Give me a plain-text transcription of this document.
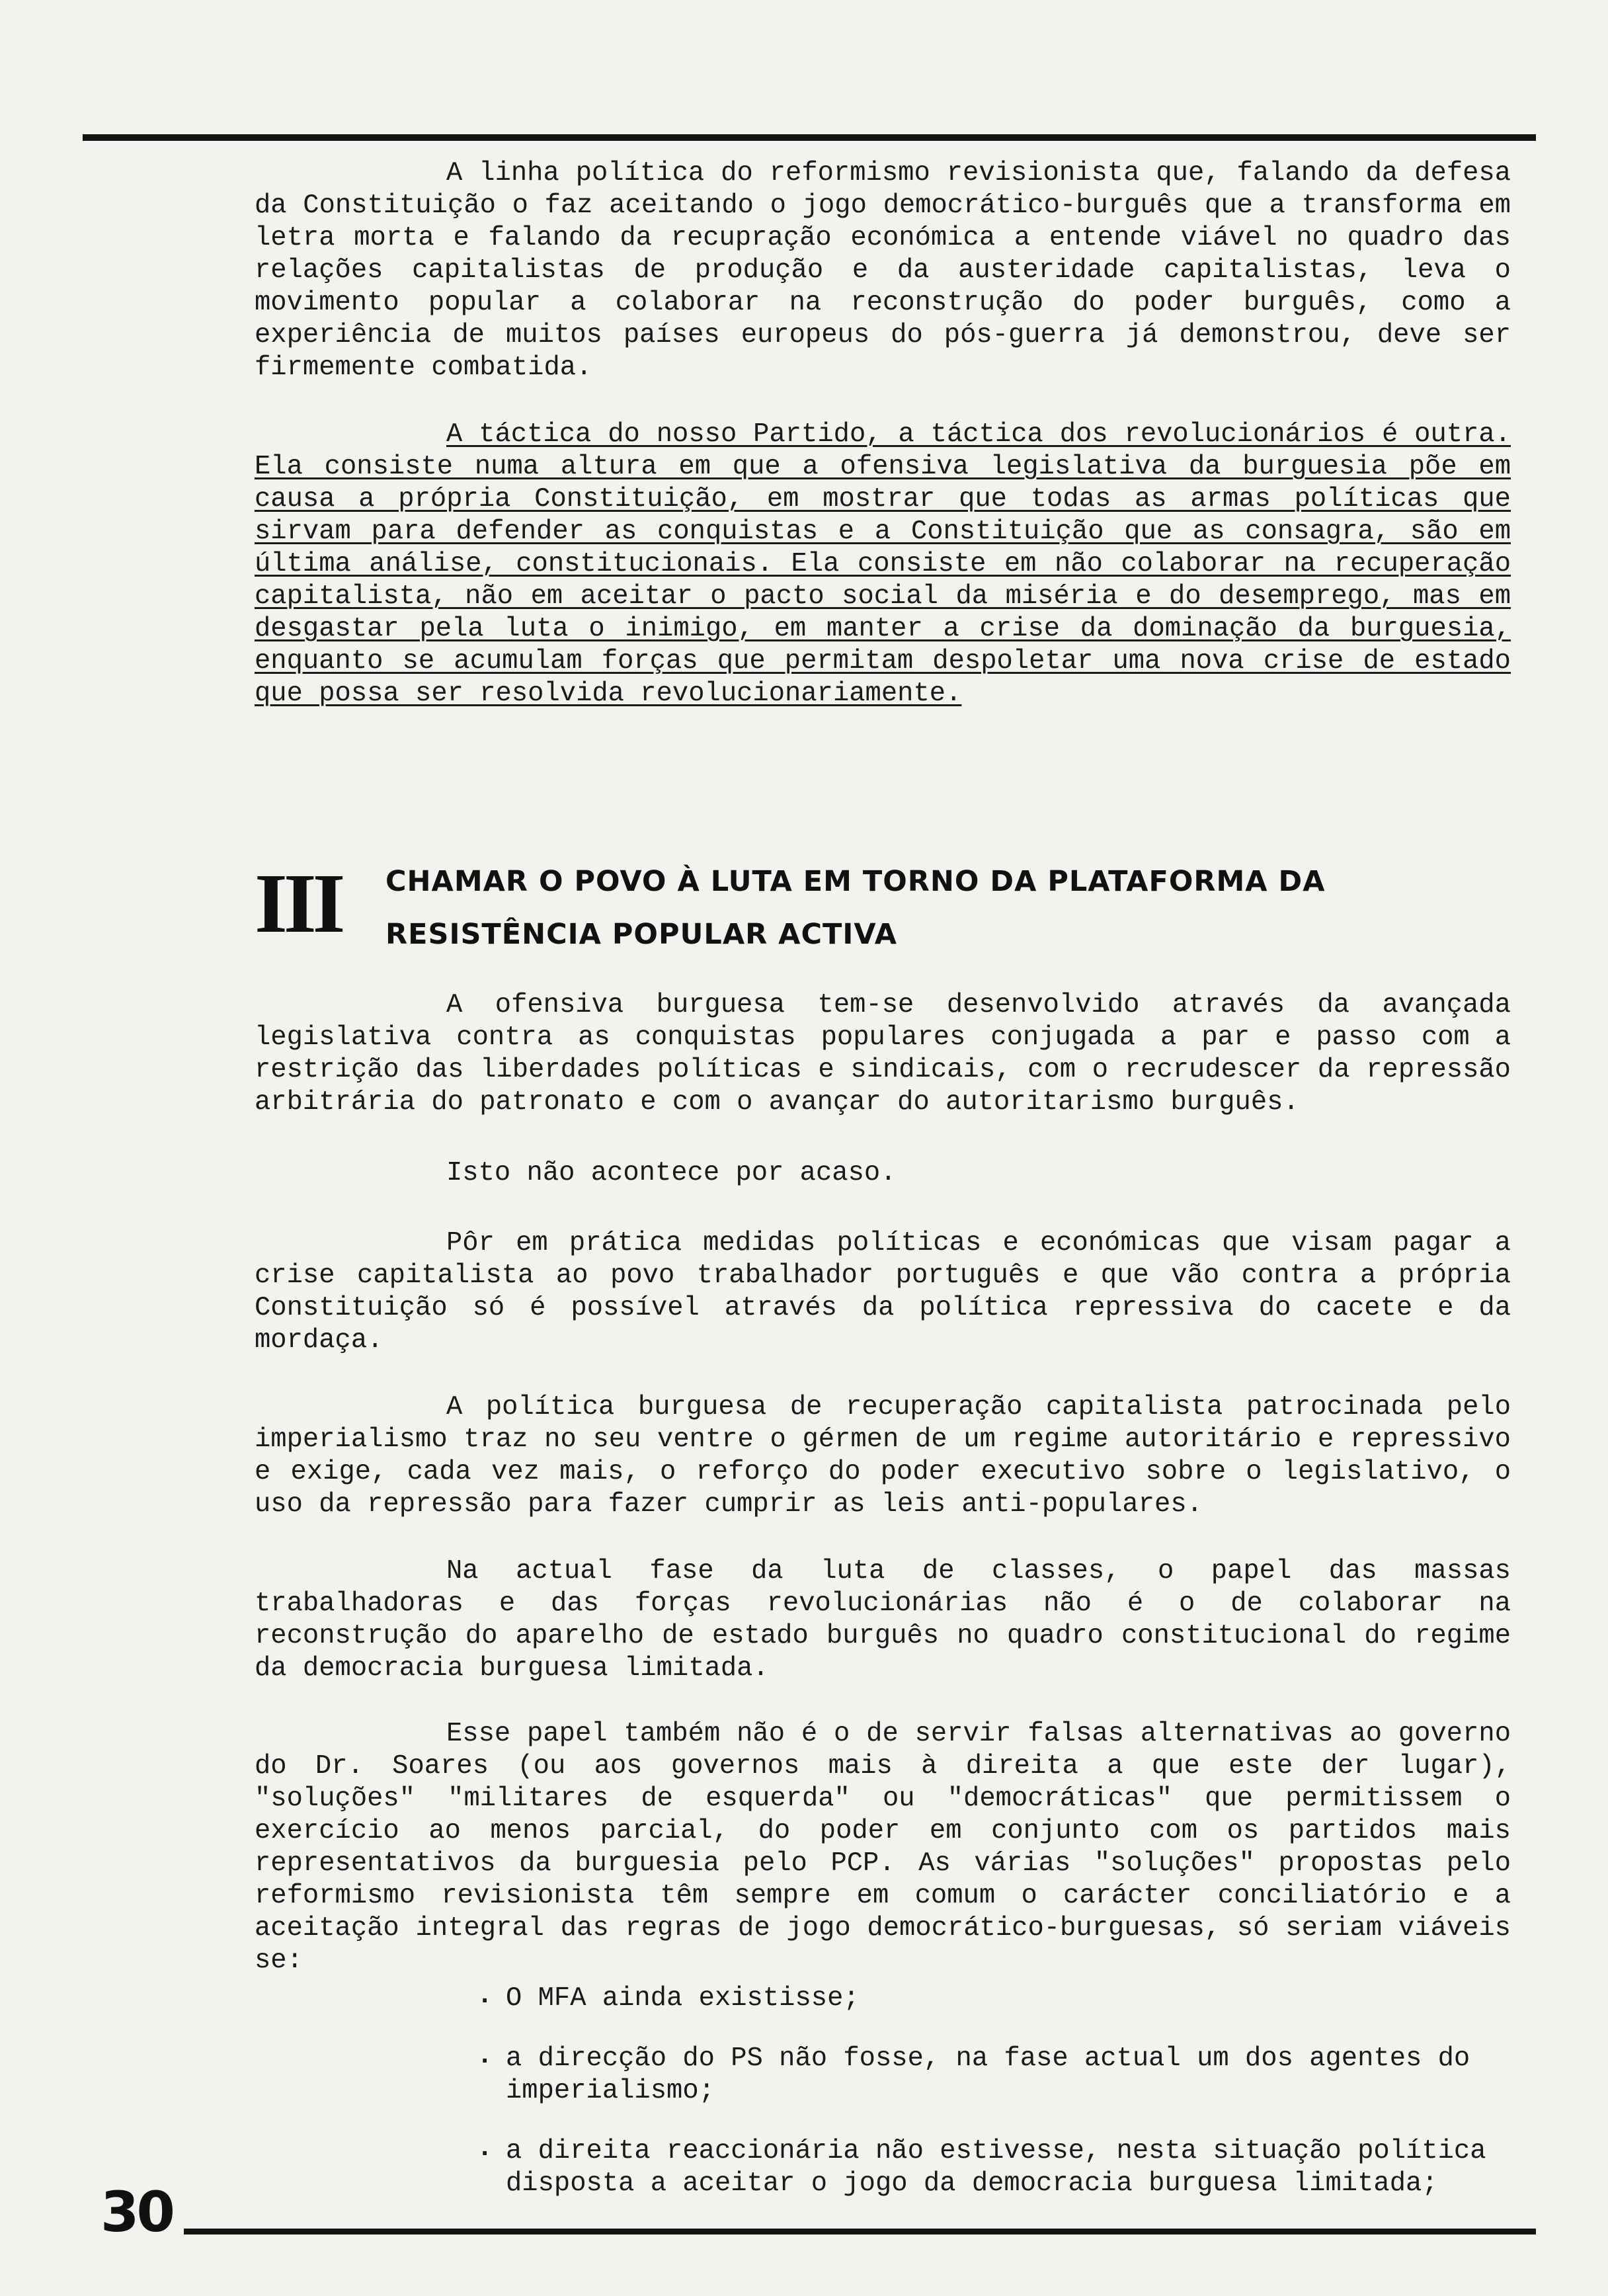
A linha política do reformismo revisionista que, falando da defesa da Constituição o faz aceitando o jogo democrático-burguês que a transforma em letra morta e falando da recupração económica a entende viável no quadro das relações capitalistas de produção e da austeridade capitalistas, leva o movimento popular a colaborar na reconstrução do poder burguês, como a experiência de muitos países europeus do pós-guerra já demonstrou, deve ser firmemente combatida.

A táctica do nosso Partido, a táctica dos revolucionários é outra. Ela consiste numa altura em que a ofensiva legislativa da burguesia põe em causa a própria Constituição, em mostrar que todas as armas políticas que sirvam para defender as conquistas e a Constituição que as consagra, são em última análise, constitucionais. Ela consiste em não colaborar na recuperação capitalista, não em aceitar o pacto social da miséria e do desemprego, mas em desgastar pela luta o inimigo, em manter a crise da dominação da burguesia, enquanto se acumulam forças que permitam despoletar uma nova crise de estado que possa ser resolvida revolucionariamente.

III CHAMAR O POVO À LUTA EM TORNO DA PLATAFORMA DA
RESISTÊNCIA POPULAR ACTIVA

A ofensiva burguesa tem-se desenvolvido através da avançada legislativa contra as conquistas populares conjugada a par e passo com a restrição das liberdades políticas e sindicais, com o recrudescer da repressão arbitrária do patronato e com o avançar do autoritarismo burguês.

Isto não acontece por acaso.

Pôr em prática medidas políticas e económicas que visam pagar a crise capitalista ao povo trabalhador português e que vão contra a própria Constituição só é possível através da política repressiva do cacete e da mordaça.

A política burguesa de recuperação capitalista patrocinada pelo imperialismo traz no seu ventre o gérmen de um regime autoritário e repressivo e exige, cada vez mais, o reforço do poder executivo sobre o legislativo, o uso da repressão para fazer cumprir as leis anti-populares.

Na actual fase da luta de classes, o papel das massas trabalhadoras e das forças revolucionárias não é o de colaborar na reconstrução do aparelho de estado burguês no quadro constitucional do regime da democracia burguesa limitada.

Esse papel também não é o de servir falsas alternativas ao governo do Dr. Soares (ou aos governos mais à direita a que este der lugar), "soluções" "militares de esquerda" ou "democráticas" que permitissem o exercício ao menos parcial, do poder em conjunto com os partidos mais representativos da burguesia pelo PCP. As várias "soluções" propostas pelo reformismo revisionista têm sempre em comum o carácter conciliatório e a aceitação integral das regras de jogo democrático-burguesas, só seriam viáveis se:

. O MFA ainda existisse;
. a direcção do PS não fosse, na fase actual um dos agentes do imperialismo;
. a direita reaccionária não estivesse, nesta situação política disposta a aceitar o jogo da democracia burguesa limitada;
30
